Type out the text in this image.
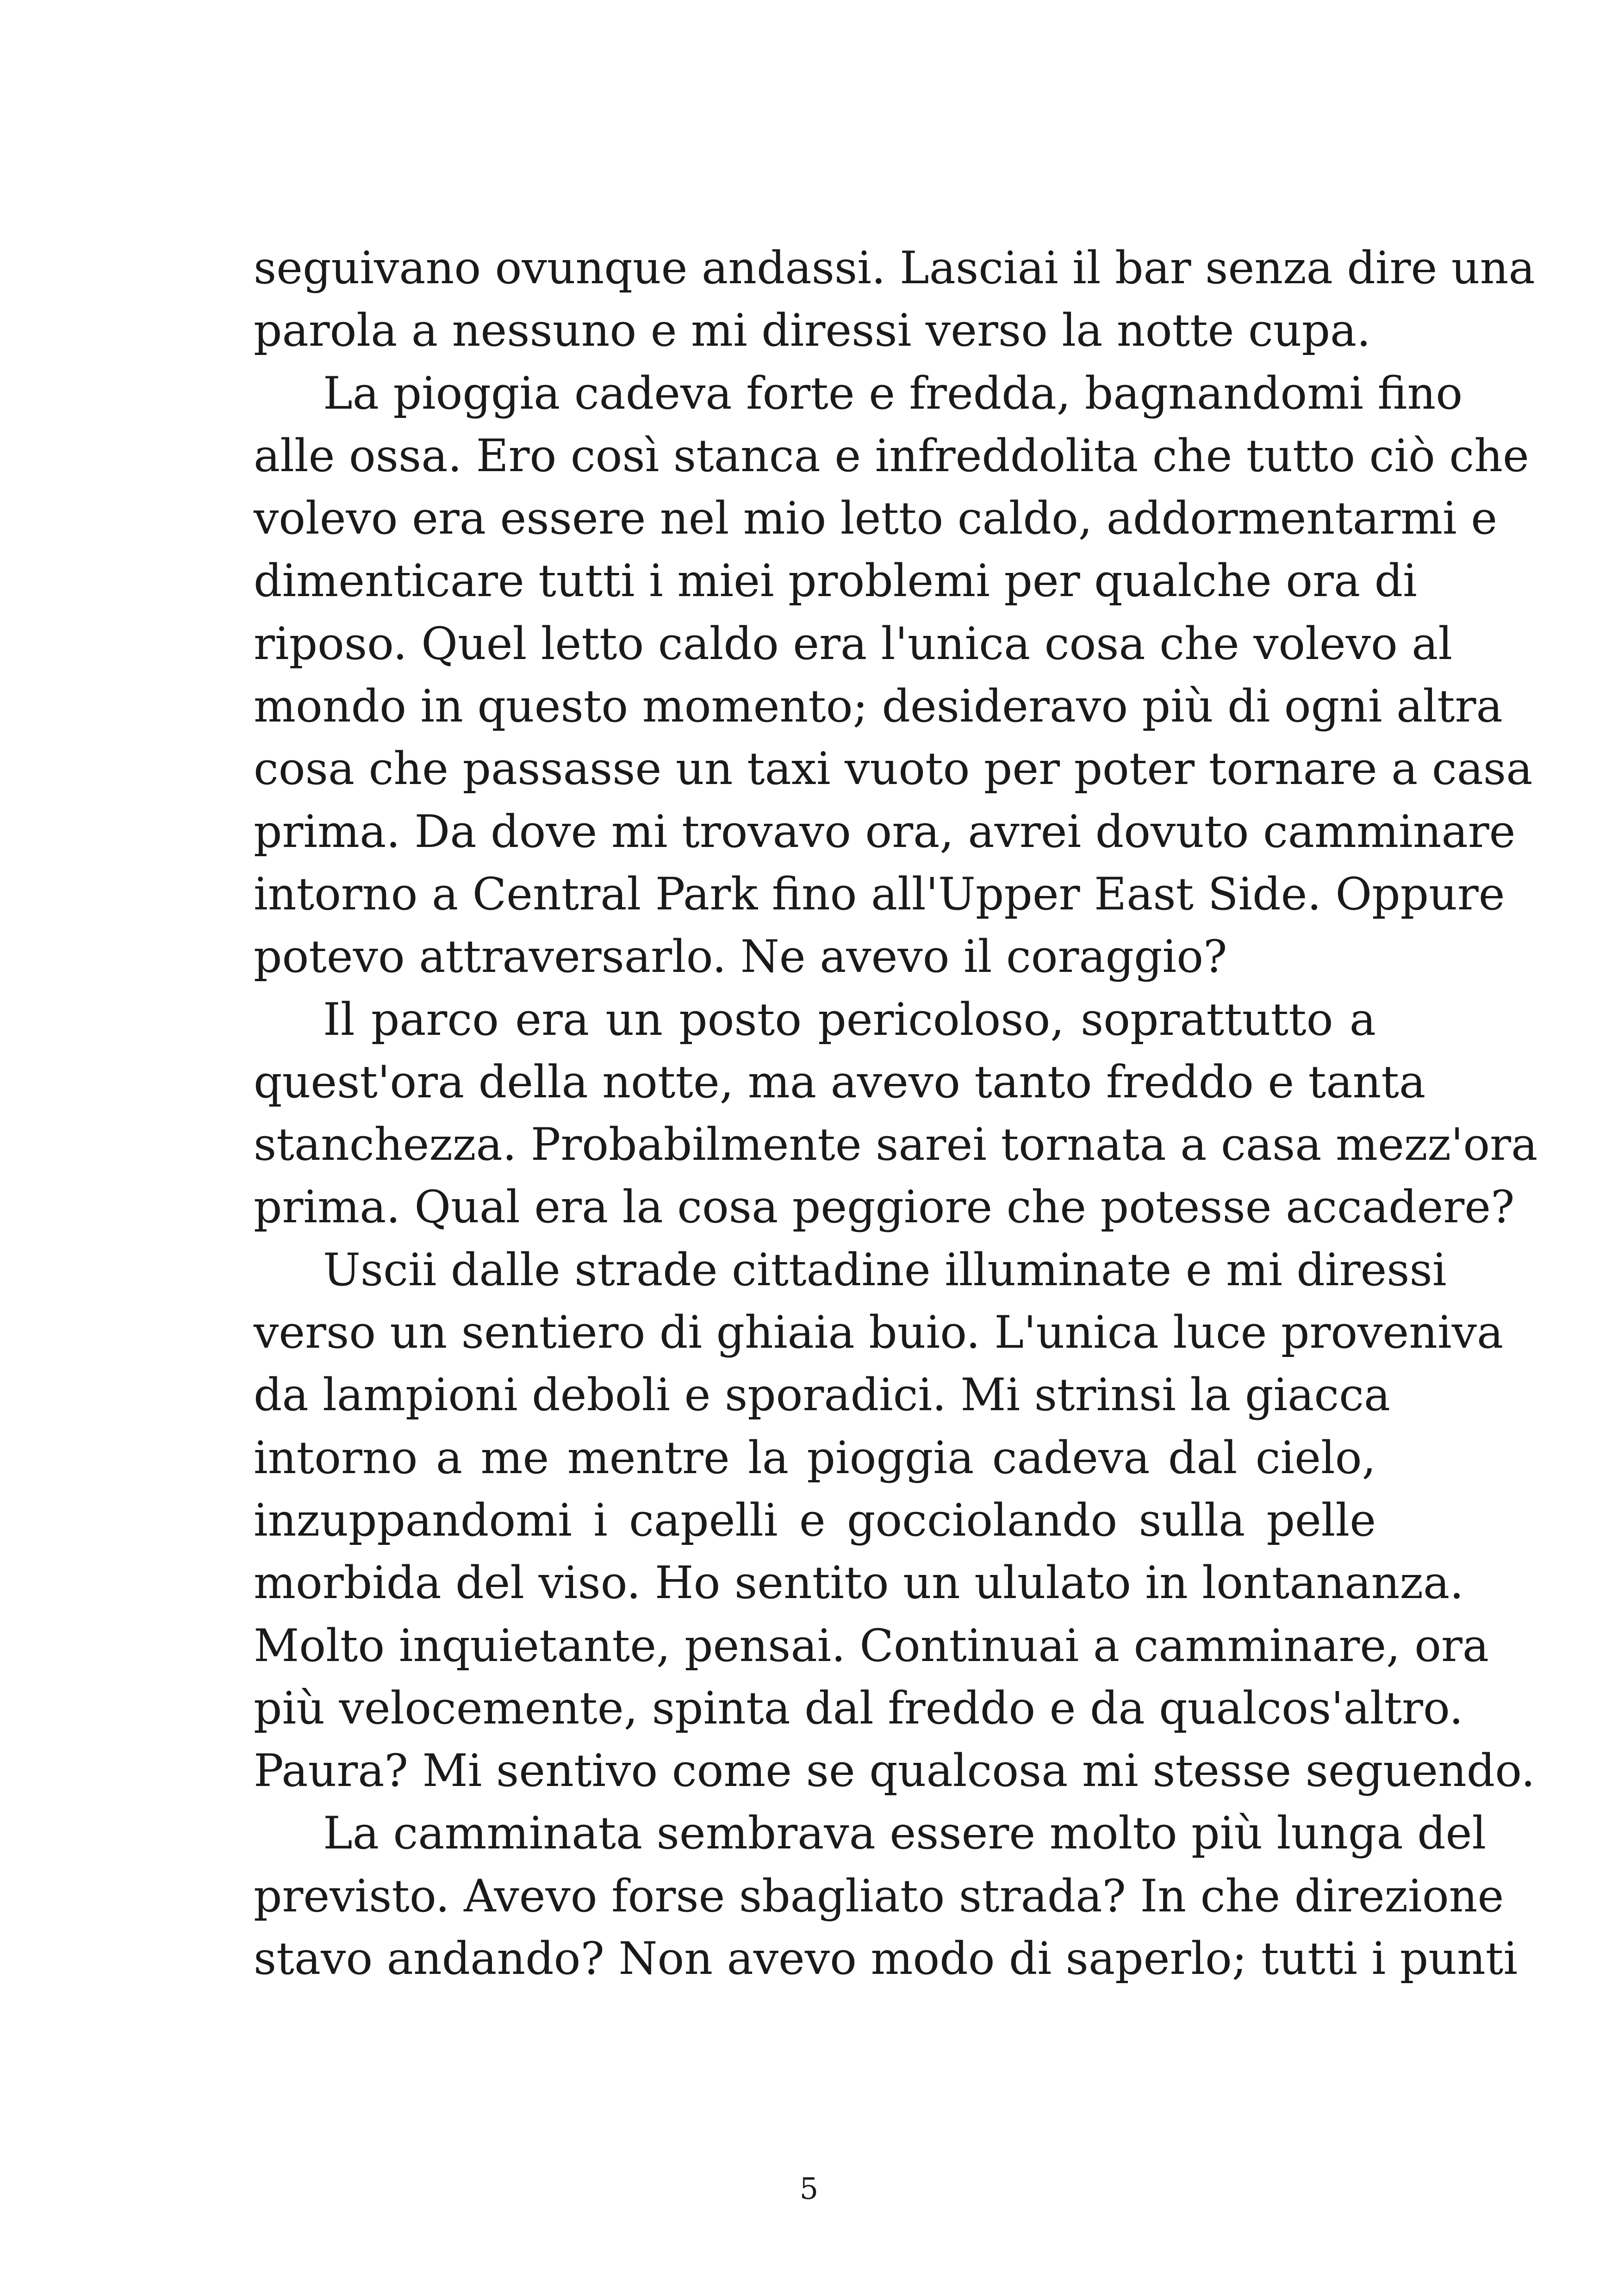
seguivano ovunque andassi. Lasciai il bar senza dire una
parola a nessuno e mi diressi verso la notte cupa.
La pioggia cadeva forte e fredda, bagnandomi fino
alle ossa. Ero così stanca e infreddolita che tutto ciò che
volevo era essere nel mio letto caldo, addormentarmi e
dimenticare tutti i miei problemi per qualche ora di
riposo. Quel letto caldo era l'unica cosa che volevo al
mondo in questo momento; desideravo più di ogni altra
cosa che passasse un taxi vuoto per poter tornare a casa
prima. Da dove mi trovavo ora, avrei dovuto camminare
intorno a Central Park fino all'Upper East Side. Oppure
potevo attraversarlo. Ne avevo il coraggio?
Il parco era un posto pericoloso, soprattutto a
quest'ora della notte, ma avevo tanto freddo e tanta
stanchezza. Probabilmente sarei tornata a casa mezz'ora
prima. Qual era la cosa peggiore che potesse accadere?
Uscii dalle strade cittadine illuminate e mi diressi
verso un sentiero di ghiaia buio. L'unica luce proveniva
da lampioni deboli e sporadici. Mi strinsi la giacca
intorno a me mentre la pioggia cadeva dal cielo,
inzuppandomi i capelli e gocciolando sulla pelle
morbida del viso. Ho sentito un ululato in lontananza.
Molto inquietante, pensai. Continuai a camminare, ora
più velocemente, spinta dal freddo e da qualcos'altro.
Paura? Mi sentivo come se qualcosa mi stesse seguendo.
La camminata sembrava essere molto più lunga del
previsto. Avevo forse sbagliato strada? In che direzione
stavo andando? Non avevo modo di saperlo; tutti i punti
5
